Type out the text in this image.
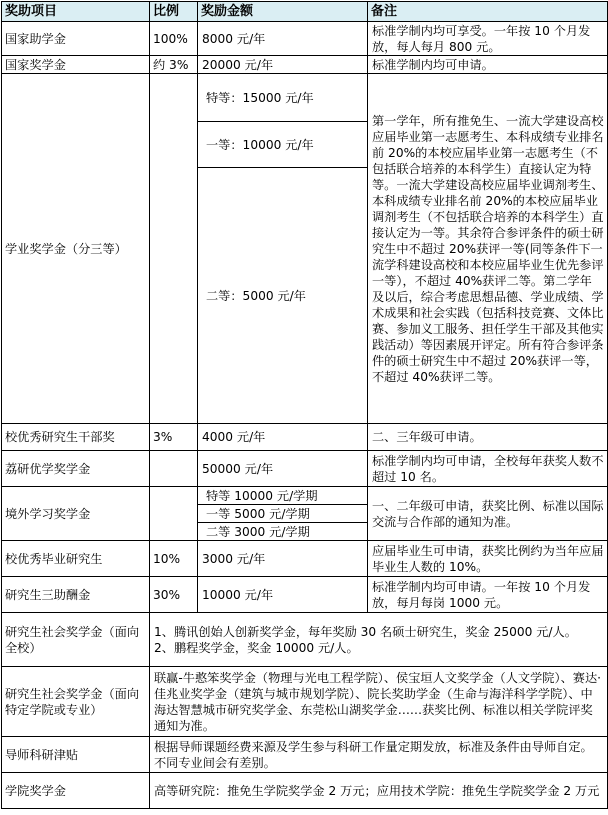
奖助项目	比例	奖励金额	备注
国家助学金	100%	8000 元/年	标准学制内均可享受。一年按 10 个月发放，每人每月 800 元。
国家奖学金	约 3%	20000 元/年	标准学制内均可申请。
学业奖学金（分三等）		特等：15000 元/年	第一学年，所有推免生、一流大学建设高校应届毕业第一志愿考生、本科成绩专业排名前 20%的本校应届毕业第一志愿考生（不包括联合培养的本科学生）直接认定为特等。一流大学建设高校应届毕业调剂考生、本科成绩专业排名前 20%的本校应届毕业调剂考生（不包括联合培养的本科学生）直接认定为一等。其余符合参评条件的硕士研究生中不超过 20%获评一等(同等条件下一流学科建设高校和本校应届毕业生优先参评一等），不超过 40%获评二等。第二学年及以后，综合考虑思想品德、学业成绩、学术成果和社会实践（包括科技竞赛、文体比赛、参加义工服务、担任学生干部及其他实践活动）等因素展开评定。所有符合参评条件的硕士研究生中不超过 20%获评一等，不超过 40%获评二等。
		一等：10000 元/年	
		二等：5000 元/年	
校优秀研究生干部奖	3%	4000 元/年	二、三年级可申请。
荔研优学奖学金		50000 元/年	标准学制内均可申请，全校每年获奖人数不超过 10 名。
境外学习奖学金		特等 10000 元/学期	一、二年级可申请，获奖比例、标准以国际交流与合作部的通知为准。
		一等 5000 元/学期	
		二等 3000 元/学期	
校优秀毕业研究生	10%	3000 元/年	应届毕业生可申请，获奖比例约为当年应届毕业生人数的 10%。
研究生三助酬金	30%	10000 元/年	标准学制内均可申请。一年按 10 个月发放，每月每岗 1000 元。
研究生社会奖学金（面向全校）	1、腾讯创始人创新奖学金，每年奖励 30 名硕士研究生，奖金 25000 元/人。
2、鹏程奖学金，奖金 10000 元/人。		

研究生社会奖学金（面向特定学院或专业）	联赢-牛憨笨奖学金（物理与光电工程学院）、侯宝垣人文奖学金（人文学院）、赛达·佳兆业奖学金（建筑与城市规划学院）、院长奖助学金（生命与海洋科学学院）、中海达智慧城市研究奖学金、东莞松山湖奖学金……获奖比例、标准以相关学院评奖通知为准。		
导师科研津贴	根据导师课题经费来源及学生参与科研工作量定期发放，标准及条件由导师自定。不同专业间会有差别。		
学院奖学金	高等研究院：推免生学院奖学金 2 万元；应用技术学院：推免生学院奖学金 2 万元		
